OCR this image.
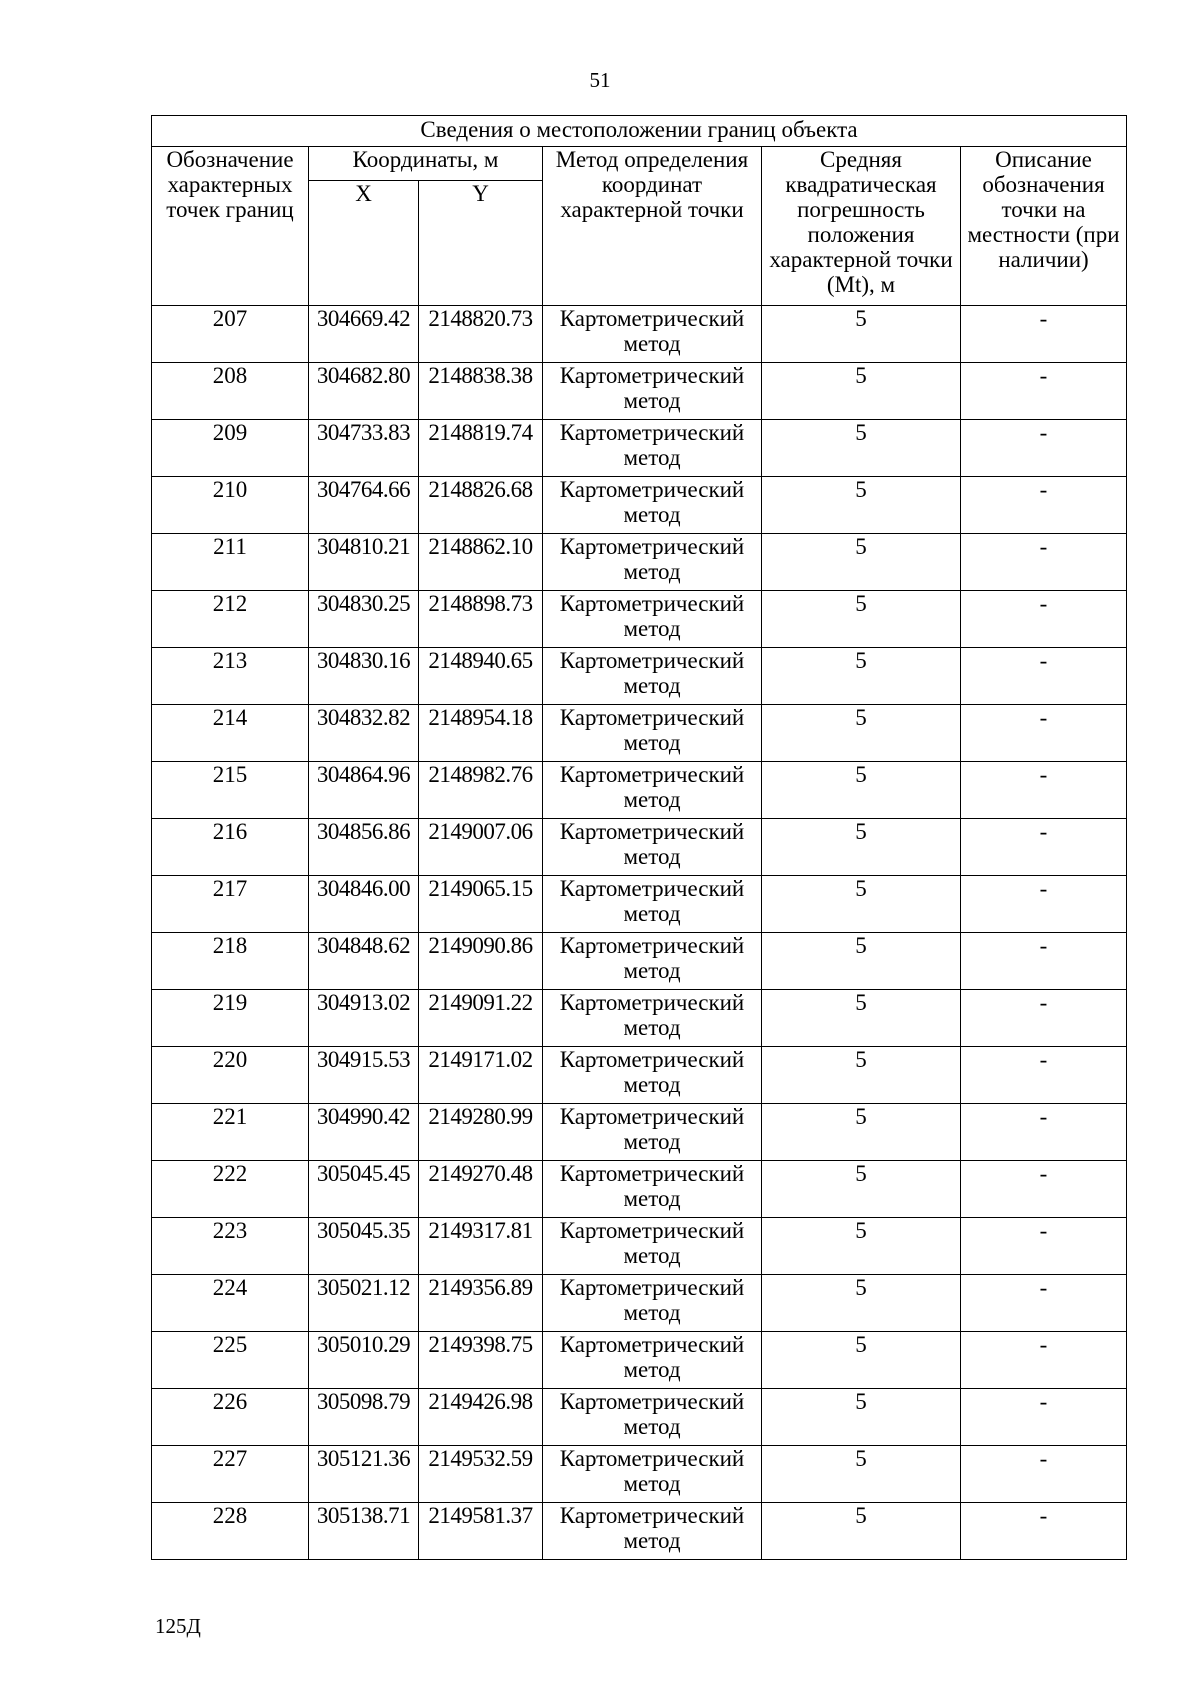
51
Сведения о местоположении границ объекта					
Обозначение характерных точек границ	Координаты, м		Метод определения координат характерной точки	Средняя квадратическая погрешность положения характерной точки (Mt), м	Описание обозначения точки на местности (при наличии)
	X	Y			
207	304669.42	2148820.73	Картометрический метод	5	-
208	304682.80	2148838.38	Картометрический метод	5	-
209	304733.83	2148819.74	Картометрический метод	5	-
210	304764.66	2148826.68	Картометрический метод	5	-
211	304810.21	2148862.10	Картометрический метод	5	-
212	304830.25	2148898.73	Картометрический метод	5	-
213	304830.16	2148940.65	Картометрический метод	5	-
214	304832.82	2148954.18	Картометрический метод	5	-
215	304864.96	2148982.76	Картометрический метод	5	-
216	304856.86	2149007.06	Картометрический метод	5	-
217	304846.00	2149065.15	Картометрический метод	5	-
218	304848.62	2149090.86	Картометрический метод	5	-
219	304913.02	2149091.22	Картометрический метод	5	-
220	304915.53	2149171.02	Картометрический метод	5	-
221	304990.42	2149280.99	Картометрический метод	5	-
222	305045.45	2149270.48	Картометрический метод	5	-
223	305045.35	2149317.81	Картометрический метод	5	-
224	305021.12	2149356.89	Картометрический метод	5	-
225	305010.29	2149398.75	Картометрический метод	5	-
226	305098.79	2149426.98	Картометрический метод	5	-
227	305121.36	2149532.59	Картометрический метод	5	-
228	305138.71	2149581.37	Картометрический метод	5	-
125Д
